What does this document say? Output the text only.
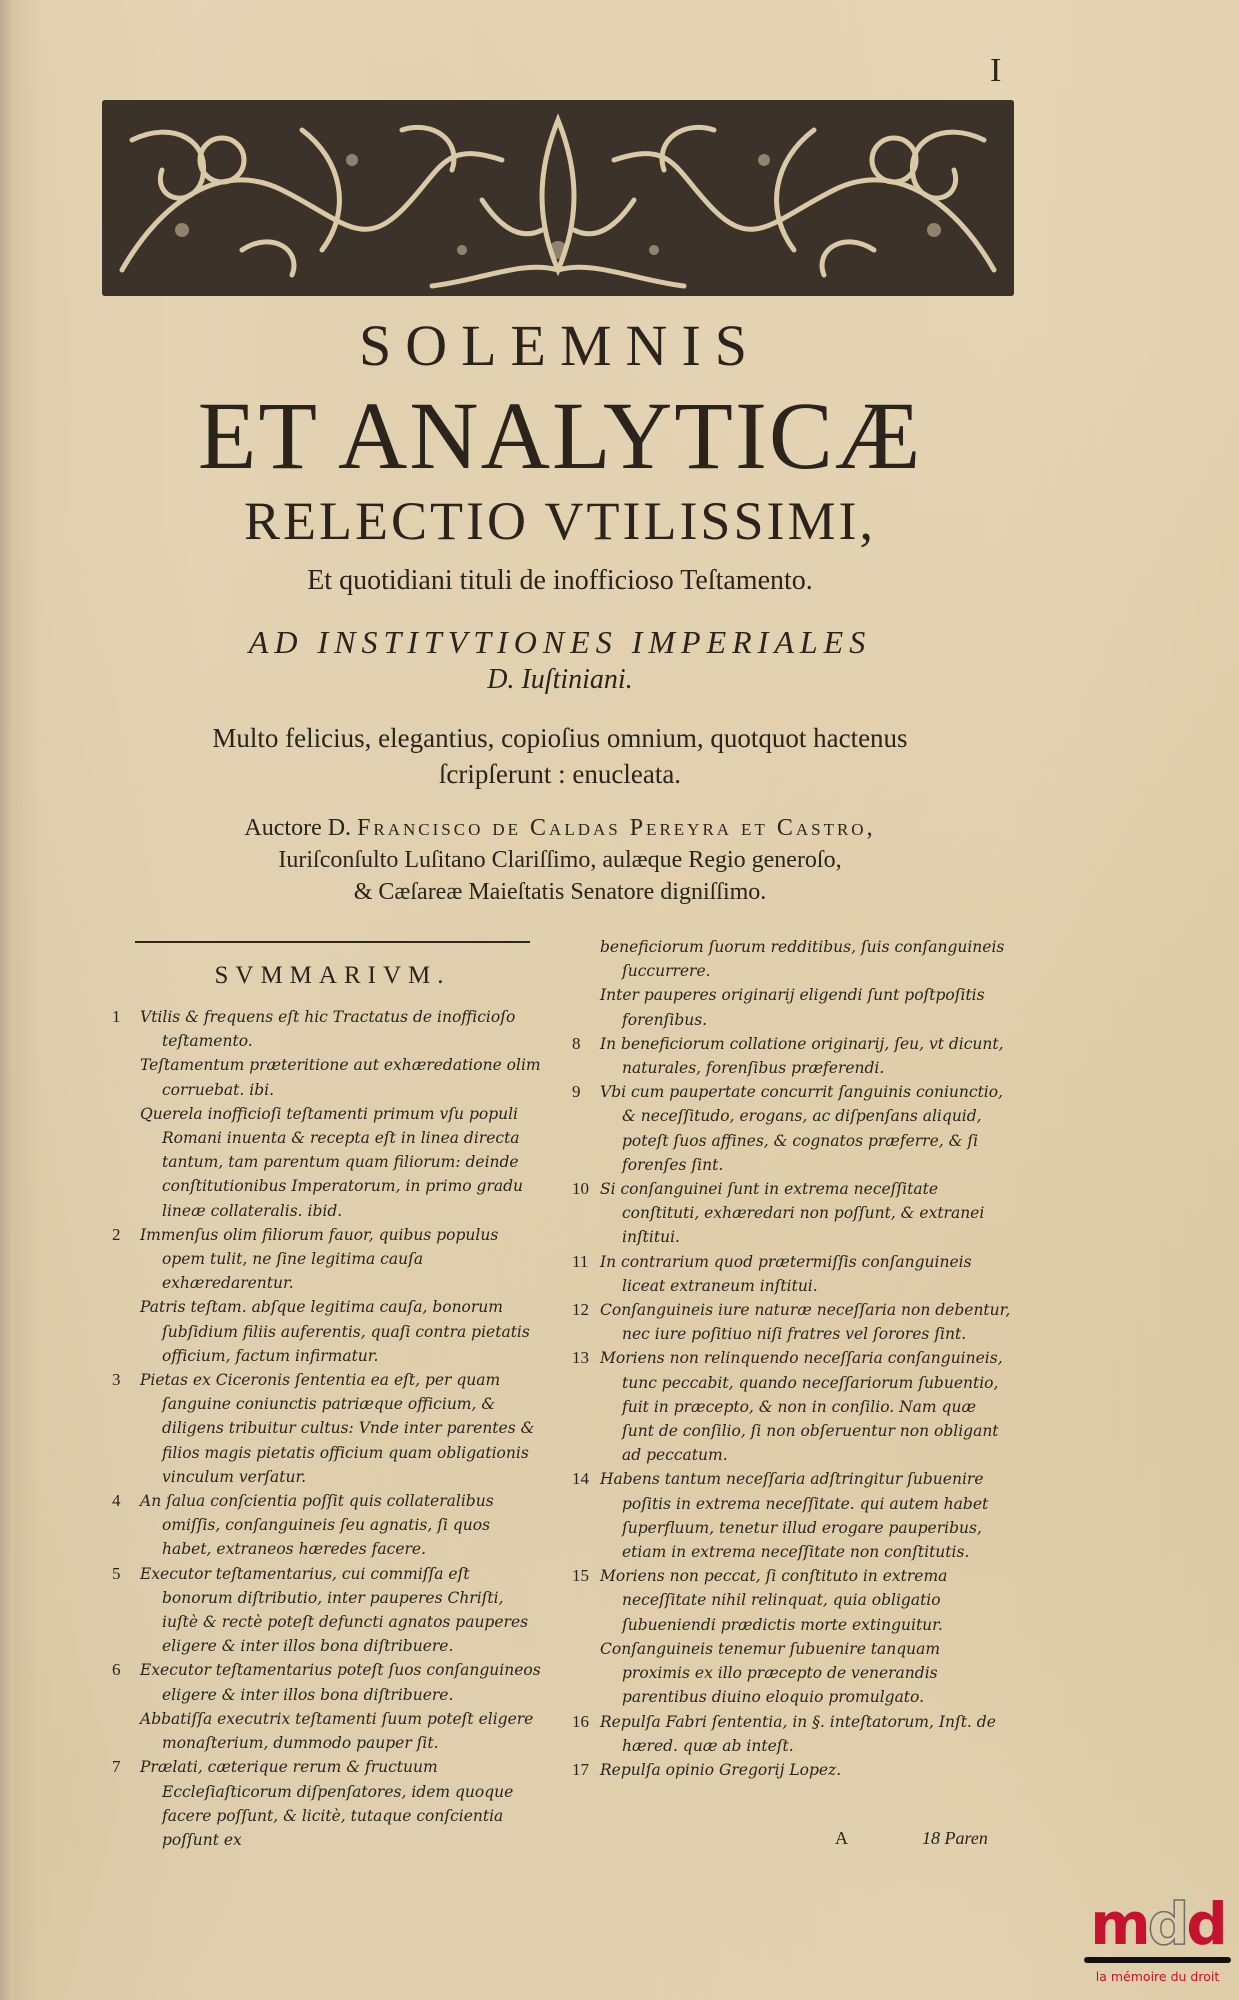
I
SOLEMNIS
ET ANALYTICÆ
RELECTIO VTILISSIMI,
Et quotidiani tituli de inofficioso Teſtamento.
AD INSTITVTIONES IMPERIALES
D. Iuſtiniani.
Multo felicius, elegantius, copioſius omnium, quotquot hactenus
ſcripſerunt : enucleata.
Auctore D. Francisco de Caldas Pereyra et Castro,
Iuriſconſulto Luſitano Clariſſimo, aulæque Regio generoſo,
& Cæſareæ Maieſtatis Senatore digniſſimo.
SVMMARIVM.

1	Vtilis & frequens eſt hic Tractatus de inofficioſo teſtamento.

Teſtamentum præteritione aut exhæredatione olim corruebat. ibi.

Querela inofficioſi teſtamenti primum vſu populi Romani inuenta & recepta eſt in linea directa tantum, tam parentum quam filiorum: deinde conſtitutionibus Imperatorum, in primo gradu lineæ collateralis. ibid.

2	Immenſus olim filiorum fauor, quibus populus opem tulit, ne ſine legitima cauſa exhæredarentur.

Patris teſtam. abſque legitima cauſa, bonorum ſubſidium filiis auferentis, quaſi contra pietatis officium, factum infirmatur.

3	Pietas ex Ciceronis ſententia ea eſt, per quam ſanguine coniunctis patriæque officium, & diligens tribuitur cultus: Vnde inter parentes & filios magis pietatis officium quam obligationis vinculum verſatur.

4	An ſalua conſcientia poſſit quis collateralibus omiſſis, conſanguineis ſeu agnatis, ſi quos habet, extraneos hæredes facere.

5	Executor teſtamentarius, cui commiſſa eſt bonorum diſtributio, inter pauperes Chriſti, iuſtè & rectè poteſt defuncti agnatos pauperes eligere & inter illos bona diſtribuere.

6	Executor teſtamentarius poteſt ſuos conſanguineos eligere & inter illos bona diſtribuere.

Abbatiſſa executrix teſtamenti ſuum poteſt eligere monaſterium, dummodo pauper ſit.

7	Prælati, cæterique rerum & fructuum Eccleſiaſticorum diſpenſatores, idem quoque facere poſſunt, & licitè, tutaque conſcientia poſſunt ex

beneficiorum ſuorum redditibus, ſuis conſanguineis ſuccurrere.

Inter pauperes originarij eligendi ſunt poſtpoſitis forenſibus.

8	In beneficiorum collatione originarij, ſeu, vt dicunt, naturales, forenſibus præferendi.

9	Vbi cum paupertate concurrit ſanguinis coniunctio, & neceſſitudo, erogans, ac diſpenſans aliquid, poteſt ſuos affines, & cognatos præferre, & ſi forenſes ſint.

10 Si conſanguinei ſunt in extrema neceſſitate conſtituti, exhæredari non poſſunt, & extranei inſtitui.

11 In contrarium quod prætermiſſis conſanguineis liceat extraneum inſtitui.

12 Conſanguineis iure naturæ neceſſaria non debentur, nec iure poſitiuo niſi fratres vel ſorores ſint.

13 Moriens non relinquendo neceſſaria conſanguineis, tunc peccabit, quando neceſſariorum ſubuentio, fuit in præcepto, & non in conſilio. Nam quæ ſunt de conſilio, ſi non obſeruentur non obligant ad peccatum.

14 Habens tantum neceſſaria adſtringitur ſubuenire poſitis in extrema neceſſitate. qui autem habet ſuperfluum, tenetur illud erogare pauperibus, etiam in extrema neceſſitate non conſtitutis.

15 Moriens non peccat, ſi conſtituto in extrema neceſſitate nihil relinquat, quia obligatio ſubueniendi prædictis morte extinguitur.

Conſanguineis tenemur ſubuenire tanquam proximis ex illo præcepto de venerandis parentibus diuino eloquio promulgato.

16 Repulſa Fabri ſententia, in §. inteſtatorum, Inſt. de hæred. quæ ab inteſt.

17 Repulſa opinio Gregorij Lopez.

A	18 Paren
mdd
la mémoire du droit
